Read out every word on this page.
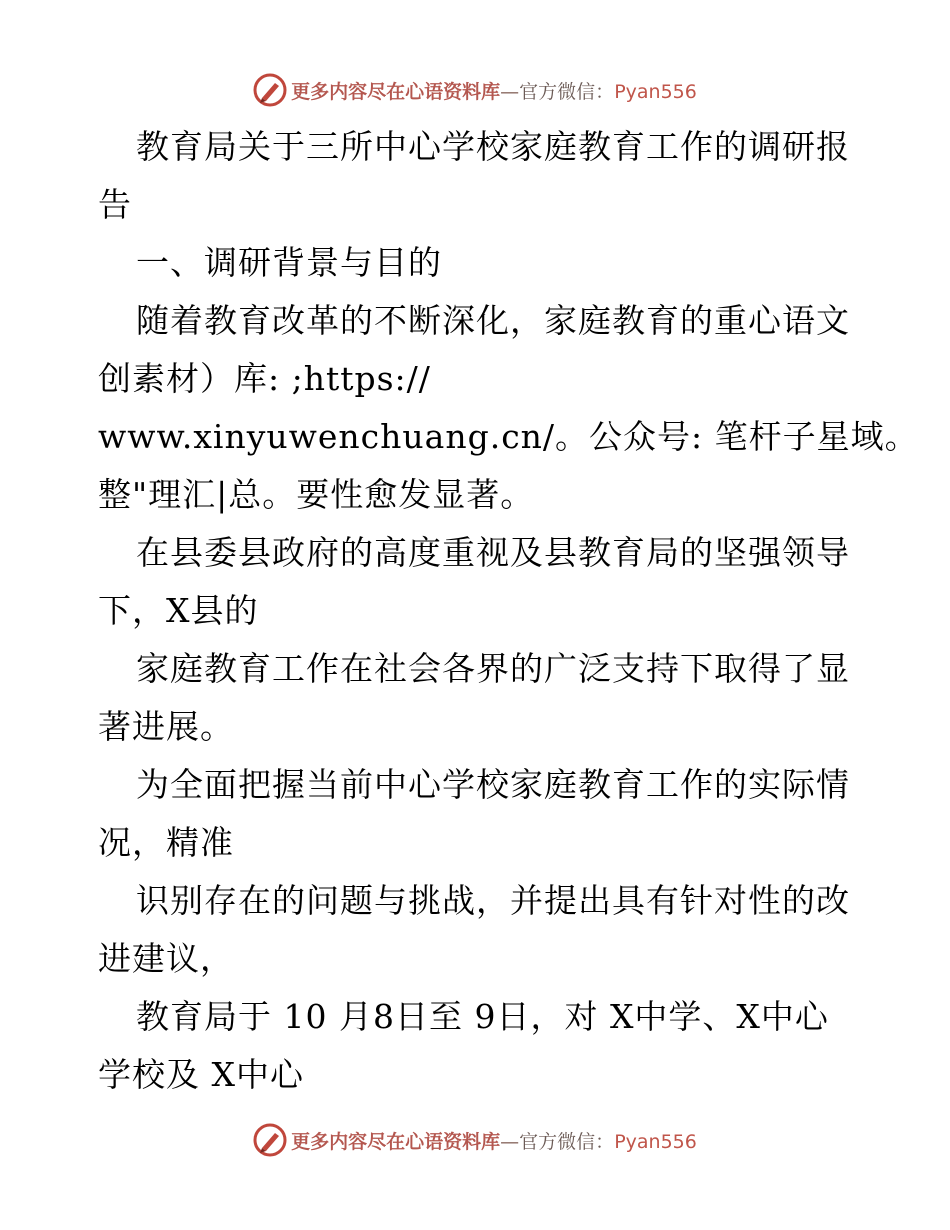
更多内容尽在心语资料库—官方微信：Pyan556
教育局关于三所中心学校家庭教育工作的调研报
告
一、调研背景与目的
随着教育改革的不断深化，家庭教育的重心语文
创素材）库: ;https://
www.xinyuwenchuang.cn/。公众号: 笔杆子星域。
整"理汇|总。要性愈发显著。
在县委县政府的高度重视及县教育局的坚强领导
下，X县的
家庭教育工作在社会各界的广泛支持下取得了显
著进展。
为全面把握当前中心学校家庭教育工作的实际情
况，精准
识别存在的问题与挑战，并提出具有针对性的改
进建议，
教育局于 10 月8日至 9日，对 X中学、X中心
学校及 X中心
更多内容尽在心语资料库—官方微信：Pyan556
